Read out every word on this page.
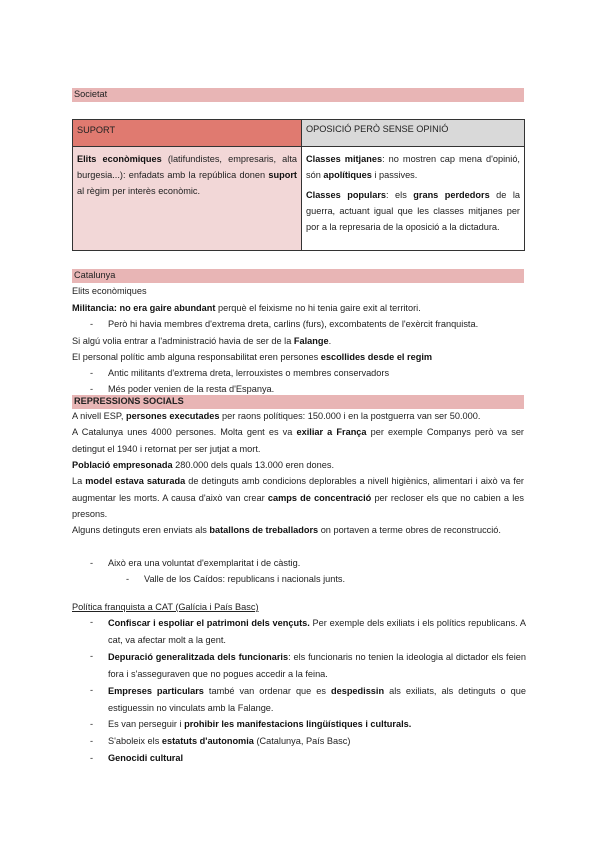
Societat
SUPORT	OPOSICIÓ PERÒ SENSE OPINIÓ
Elits econòmiques (latifundistes, empresaris, alta burgesia...): enfadats amb la república donen suport al règim per interès econòmic.	Classes mitjanes: no mostren cap mena d'opinió, són apolítiques i passives.
Classes populars: els grans perdedors de la guerra, actuant igual que les classes mitjanes per por a la represaria de la oposició a la dictadura.
Catalunya
Elits econòmiques
Militancia: no era gaire abundant perquè el feixisme no hi tenia gaire exit al territori.
- Però hi havia membres d'extrema dreta, carlins (furs), excombatents de l'exèrcit franquista.
Si algú volia entrar a l'administració havia de ser de la Falange.
El personal polític amb alguna responsabilitat eren persones escollides desde el regim
- Antic militants d'extrema dreta, lerrouxistes o membres conservadors
- Més poder venien de la resta d'Espanya.
REPRESSIONS SOCIALS
A nivell ESP, persones executades per raons polítiques: 150.000 i en la postguerra van ser 50.000.
A Catalunya unes 4000 persones. Molta gent es va exiliar a França per exemple Companys però va ser detingut el 1940 i retornat per ser jutjat a mort.
Població empresonada 280.000 dels quals 13.000 eren dones.
La model estava saturada de detinguts amb condicions deplorables a nivell higiènics, alimentari i això va fer augmentar les morts. A causa d'això van crear camps de concentració per recloser els que no cabien a les presons.
Alguns detinguts eren enviats als batallons de treballadors on portaven a terme obres de reconstrucció.
- Això era una voluntat d'exemplaritat i de càstig.
- Valle de los Caídos: republicans i nacionals junts.
Política franquista a CAT (Galícia i País Basc)
- Confiscar i espoliar el patrimoni dels vençuts. Per exemple dels exiliats i els polítics republicans. A cat, va afectar molt a la gent.
- Depuració generalitzada dels funcionaris: els funcionaris no tenien la ideologia al dictador els feien fora i s'asseguraven que no pogues accedir a la feina.
- Empreses particulars també van ordenar que es despedissin als exiliats, als detinguts o que estiguessin no vinculats amb la Falange.
- Es van perseguir i prohibir les manifestacions lingüístiques i culturals.
- S'aboleix els estatuts d'autonomia (Catalunya, País Basc)
- Genocidi cultural
